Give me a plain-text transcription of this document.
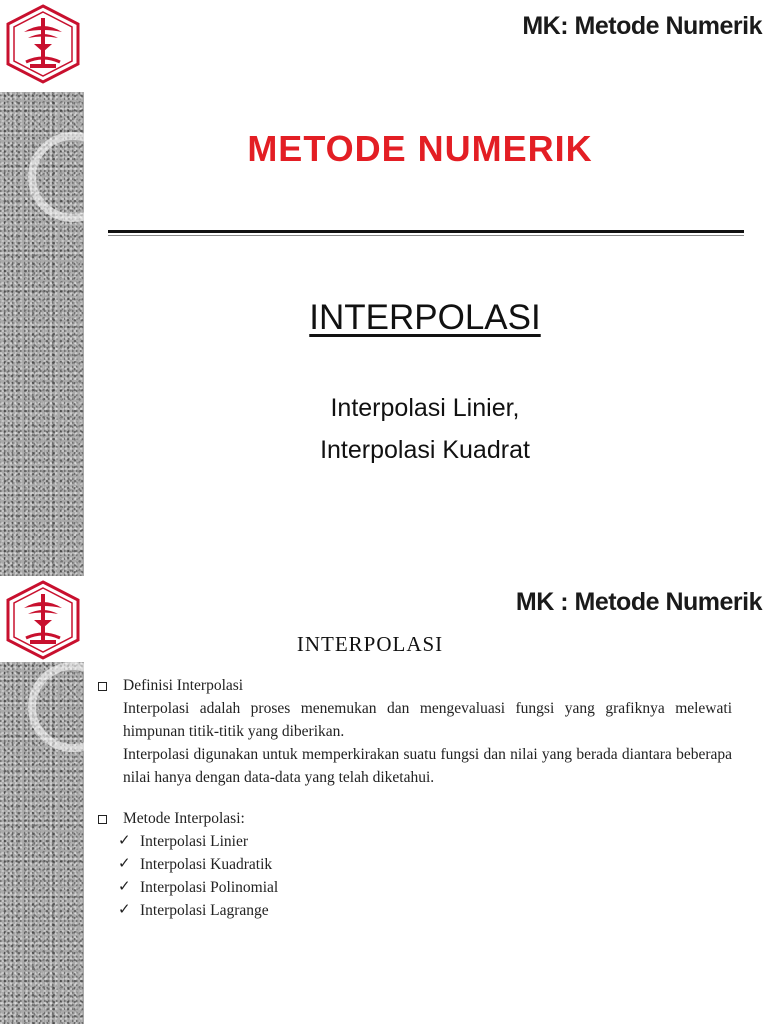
MK: Metode Numerik
METODE NUMERIK
INTERPOLASI
Interpolasi Linier,
Interpolasi Kuadrat
MK : Metode Numerik
INTERPOLASI
Definisi Interpolasi
Interpolasi adalah proses menemukan dan mengevaluasi fungsi yang grafiknya melewati himpunan titik-titik yang diberikan.
Interpolasi digunakan untuk memperkirakan suatu fungsi dan nilai yang berada diantara beberapa nilai hanya dengan data-data yang telah diketahui.
Metode Interpolasi:
✓ Interpolasi Linier
✓ Interpolasi Kuadratik
✓ Interpolasi Polinomial
✓ Interpolasi Lagrange
